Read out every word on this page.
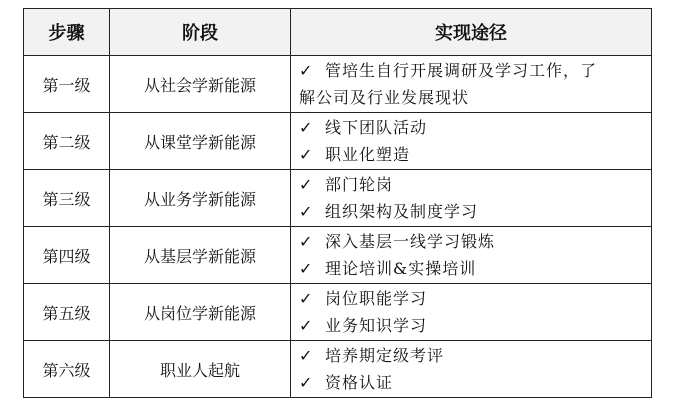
步骤	阶段	实现途径
第一级	从社会学新能源	✓ 管培生自行开展调研及学习工作，了
解公司及行业发展现状

第二级	从课堂学新能源	✓ 线下团队活动
✓ 职业化塑造

第三级	从业务学新能源	✓ 部门轮岗
✓ 组织架构及制度学习

第四级	从基层学新能源	✓ 深入基层一线学习锻炼
✓ 理论培训&实操培训

第五级	从岗位学新能源	✓ 岗位职能学习
✓ 业务知识学习

第六级	职业人起航	✓ 培养期定级考评
✓ 资格认证
